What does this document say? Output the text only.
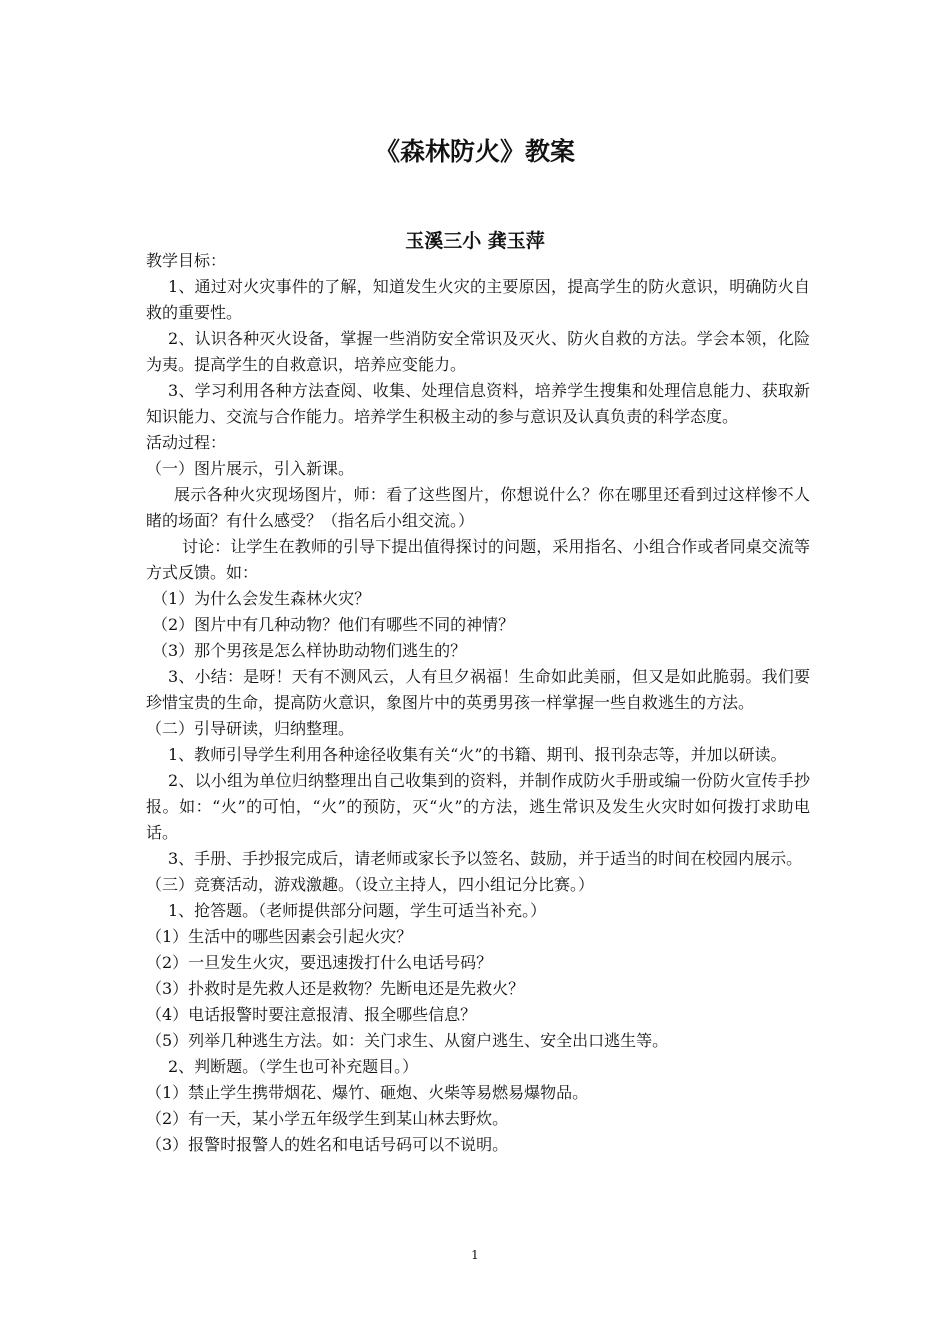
《森林防火》教案
玉溪三小 龚玉萍

教学目标：

1、通过对火灾事件的了解，知道发生火灾的主要原因，提高学生的防火意识，明确防火自救的重要性。

2、认识各种灭火设备，掌握一些消防安全常识及灭火、防火自救的方法。学会本领，化险为夷。提高学生的自救意识，培养应变能力。

3、学习利用各种方法查阅、收集、处理信息资料，培养学生搜集和处理信息能力、获取新知识能力、交流与合作能力。培养学生积极主动的参与意识及认真负责的科学态度。

活动过程：

（一）图片展示，引入新课。

展示各种火灾现场图片，师：看了这些图片，你想说什么？你在哪里还看到过这样惨不人睹的场面？有什么感受？（指名后小组交流。）

讨论：让学生在教师的引导下提出值得探讨的问题，采用指名、小组合作或者同桌交流等方式反馈。如：

（1）为什么会发生森林火灾？

（2）图片中有几种动物？他们有哪些不同的神情？

（3）那个男孩是怎么样协助动物们逃生的？

3、小结：是呀！天有不测风云，人有旦夕祸福！生命如此美丽，但又是如此脆弱。我们要珍惜宝贵的生命，提高防火意识，象图片中的英勇男孩一样掌握一些自救逃生的方法。

（二）引导研读，归纳整理。

1、教师引导学生利用各种途径收集有关“火”的书籍、期刊、报刊杂志等，并加以研读。

2、以小组为单位归纳整理出自己收集到的资料，并制作成防火手册或编一份防火宣传手抄报。如：“火”的可怕，“火”的预防，灭“火”的方法，逃生常识及发生火灾时如何拨打求助电话。

3、手册、手抄报完成后，请老师或家长予以签名、鼓励，并于适当的时间在校园内展示。

（三）竞赛活动，游戏激趣。（设立主持人，四小组记分比赛。）

1、抢答题。（老师提供部分问题，学生可适当补充。）

（1）生活中的哪些因素会引起火灾？

（2）一旦发生火灾，要迅速拨打什么电话号码？

（3）扑救时是先救人还是救物？先断电还是先救火？

（4）电话报警时要注意报清、报全哪些信息？

（5）列举几种逃生方法。如：关门求生、从窗户逃生、安全出口逃生等。

2、判断题。（学生也可补充题目。）

（1）禁止学生携带烟花、爆竹、砸炮、火柴等易燃易爆物品。

（2）有一天，某小学五年级学生到某山林去野炊。

（3）报警时报警人的姓名和电话号码可以不说明。

1
